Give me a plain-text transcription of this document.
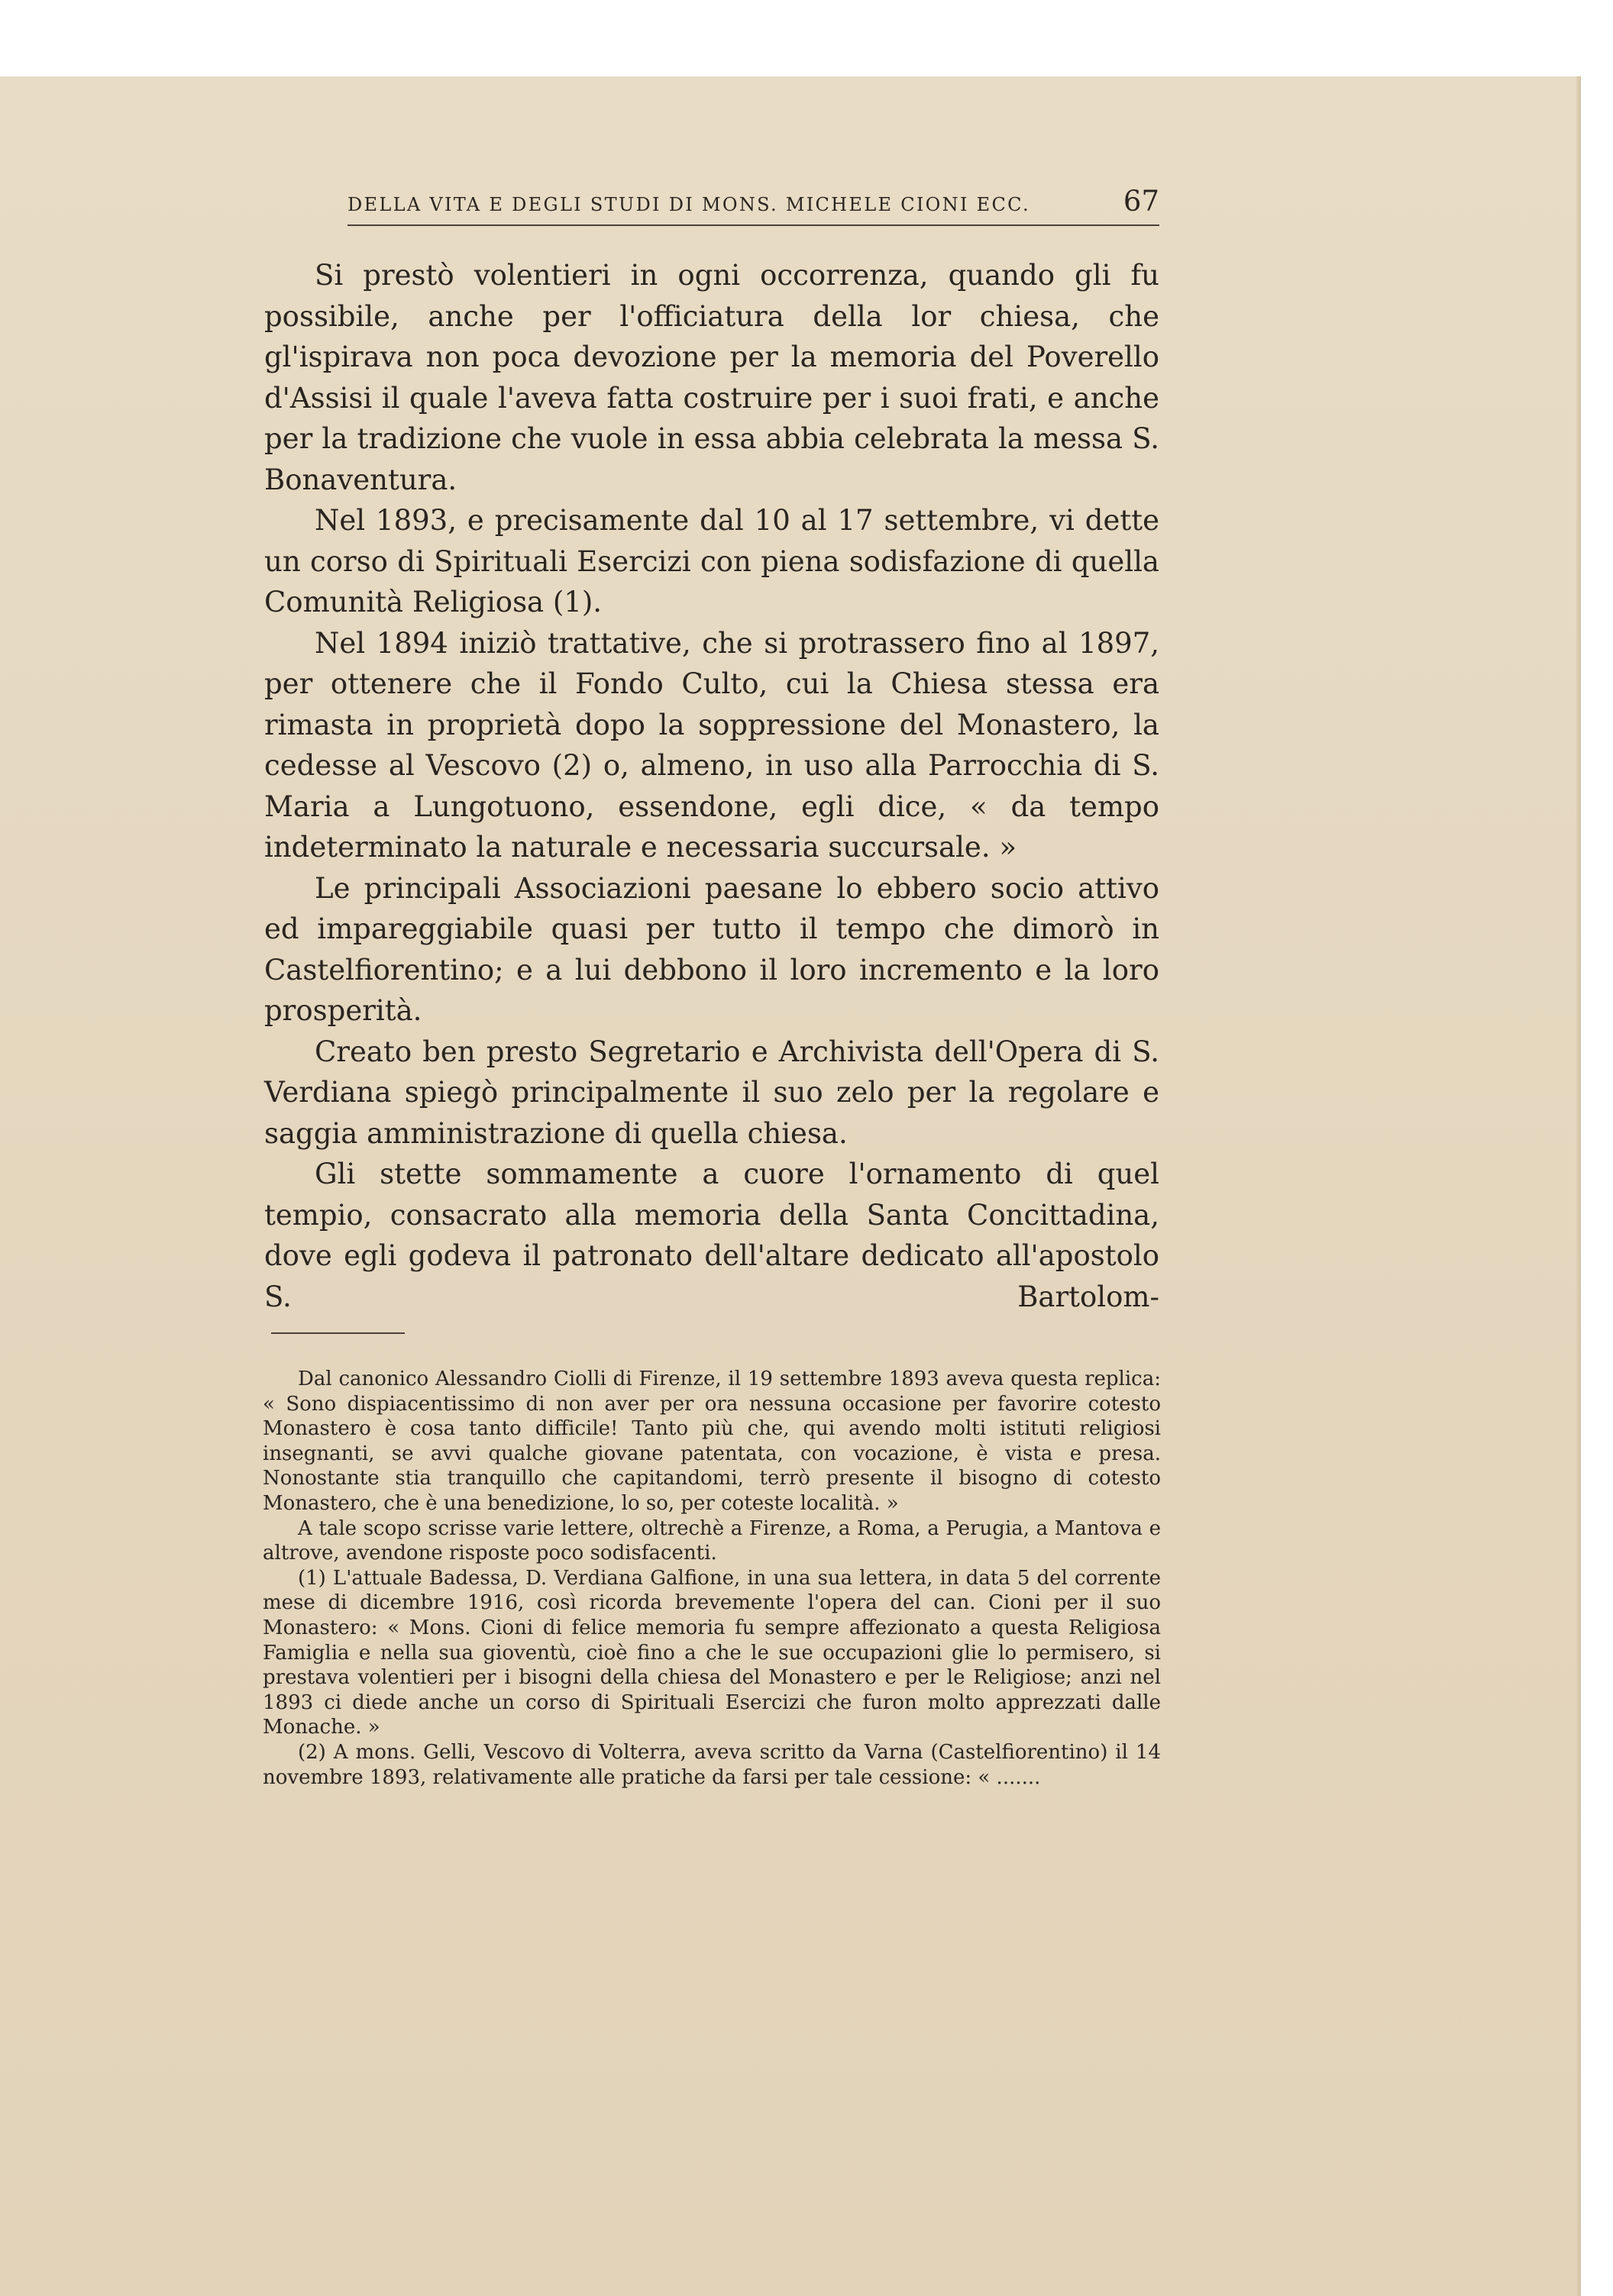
DELLA VITA E DEGLI STUDI DI MONS. MICHELE CIONI ECC.	67

Si prestò volentieri in ogni occorrenza, quando gli fu possibile, anche per l'officiatura della lor chiesa, che gl'ispirava non poca devozione per la memoria del Poverello d'Assisi il quale l'aveva fatta costruire per i suoi frati, e anche per la tradizione che vuole in essa abbia celebrata la messa S. Bonaventura.

Nel 1893, e precisamente dal 10 al 17 settembre, vi dette un corso di Spirituali Esercizi con piena sodisfazione di quella Comunità Religiosa (1).

Nel 1894 iniziò trattative, che si protrassero fino al 1897, per ottenere che il Fondo Culto, cui la Chiesa stessa era rimasta in proprietà dopo la soppressione del Monastero, la cedesse al Vescovo (2) o, almeno, in uso alla Parrocchia di S. Maria a Lungotuono, essendone, egli dice, « da tempo indeterminato la naturale e necessaria succursale. »

Le principali Associazioni paesane lo ebbero socio attivo ed impareggiabile quasi per tutto il tempo che dimorò in Castelfiorentino; e a lui debbono il loro incremento e la loro prosperità.

Creato ben presto Segretario e Archivista dell'Opera di S. Verdiana spiegò principalmente il suo zelo per la regolare e saggia amministrazione di quella chiesa.

Gli stette sommamente a cuore l'ornamento di quel tempio, consacrato alla memoria della Santa Concittadina, dove egli godeva il patronato dell'altare dedicato all'apostolo S. Bartolom-

Dal canonico Alessandro Ciolli di Firenze, il 19 settembre 1893 aveva questa replica: « Sono dispiacentissimo di non aver per ora nessuna occasione per favorire cotesto Monastero è cosa tanto difficile! Tanto più che, qui avendo molti istituti religiosi insegnanti, se avvi qualche giovane patentata, con vocazione, è vista e presa. Nonostante stia tranquillo che capitandomi, terrò presente il bisogno di cotesto Monastero, che è una benedizione, lo so, per coteste località. »

A tale scopo scrisse varie lettere, oltrechè a Firenze, a Roma, a Perugia, a Mantova e altrove, avendone risposte poco sodisfacenti.

(1) L'attuale Badessa, D. Verdiana Galfione, in una sua lettera, in data 5 del corrente mese di dicembre 1916, così ricorda brevemente l'opera del can. Cioni per il suo Monastero: « Mons. Cioni di felice memoria fu sempre affezionato a questa Religiosa Famiglia e nella sua gioventù, cioè fino a che le sue occupazioni glie lo permisero, si prestava volentieri per i bisogni della chiesa del Monastero e per le Religiose; anzi nel 1893 ci diede anche un corso di Spirituali Esercizi che furon molto apprezzati dalle Monache. »

(2) A mons. Gelli, Vescovo di Volterra, aveva scritto da Varna (Castelfiorentino) il 14 novembre 1893, relativamente alle pratiche da farsi per tale cessione: « .......
